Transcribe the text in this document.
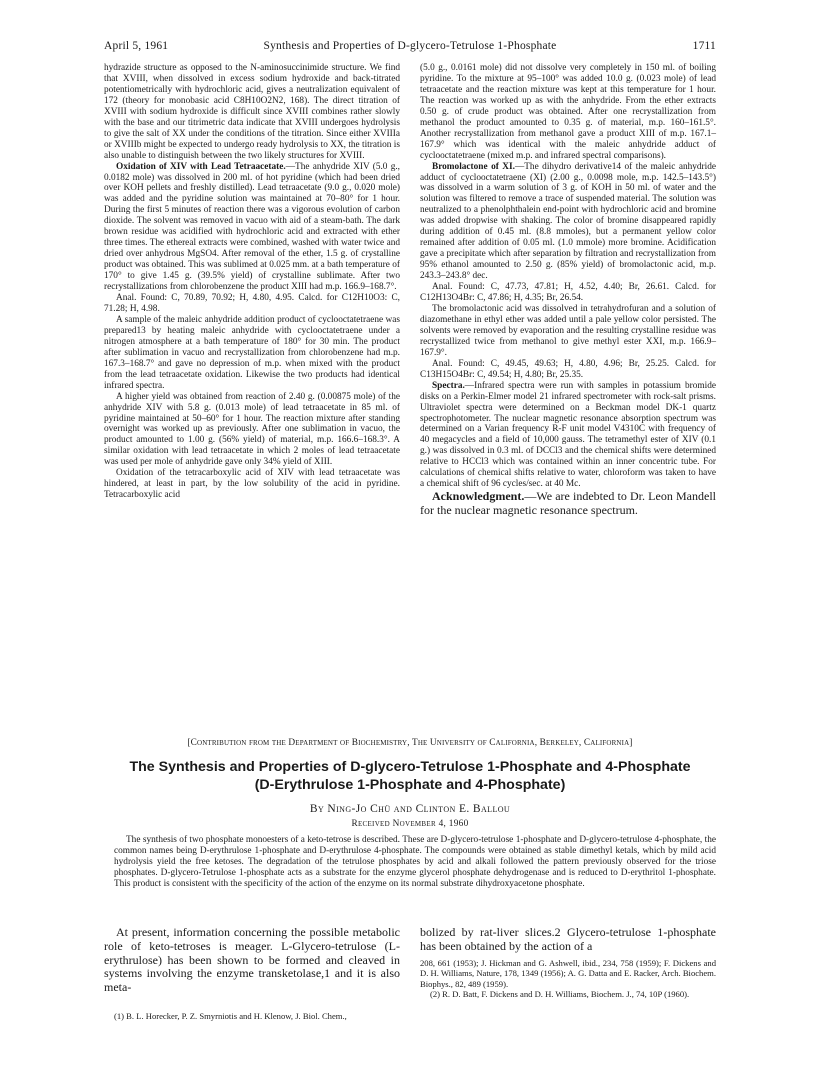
April 5, 1961	Synthesis and Properties of D-glycero-Tetrulose 1-Phosphate	1711

hydrazide structure as opposed to the N-aminosuccinimide structure. We find that XVIII, when dissolved in excess sodium hydroxide and back-titrated potentiometrically with hydrochloric acid, gives a neutralization equivalent of 172 (theory for monobasic acid C8H10O2N2, 168). The direct titration of XVIII with sodium hydroxide is difficult since XVIII combines rather slowly with the base and our titrimetric data indicate that XVIII undergoes hydrolysis to give the salt of XX under the conditions of the titration. Since either XVIIIa or XVIIIb might be expected to undergo ready hydrolysis to XX, the titration is also unable to distinguish between the two likely structures for XVIII.

Oxidation of XIV with Lead Tetraacetate.—The anhydride XIV (5.0 g., 0.0182 mole) was dissolved in 200 ml. of hot pyridine (which had been dried over KOH pellets and freshly distilled). Lead tetraacetate (9.0 g., 0.020 mole) was added and the pyridine solution was maintained at 70–80° for 1 hour. During the first 5 minutes of reaction there was a vigorous evolution of carbon dioxide. The solvent was removed in vacuo with aid of a steam-bath. The dark brown residue was acidified with hydrochloric acid and extracted with ether three times. The ethereal extracts were combined, washed with water twice and dried over anhydrous MgSO4. After removal of the ether, 1.5 g. of crystalline product was obtained. This was sublimed at 0.025 mm. at a bath temperature of 170° to give 1.45 g. (39.5% yield) of crystalline sublimate. After two recrystallizations from chlorobenzene the product XIII had m.p. 166.9–168.7°.

Anal. Found: C, 70.89, 70.92; H, 4.80, 4.95. Calcd. for C12H10O3: C, 71.28; H, 4.98.

A sample of the maleic anhydride addition product of cyclooctatetraene was prepared13 by heating maleic anhydride with cyclooctatetraene under a nitrogen atmosphere at a bath temperature of 180° for 30 min. The product after sublimation in vacuo and recrystallization from chlorobenzene had m.p. 167.3–168.7° and gave no depression of m.p. when mixed with the product from the lead tetraacetate oxidation. Likewise the two products had identical infrared spectra.

A higher yield was obtained from reaction of 2.40 g. (0.00875 mole) of the anhydride XIV with 5.8 g. (0.013 mole) of lead tetraacetate in 85 ml. of pyridine maintained at 50–60° for 1 hour. The reaction mixture after standing overnight was worked up as previously. After one sublimation in vacuo, the product amounted to 1.00 g. (56% yield) of material, m.p. 166.6–168.3°. A similar oxidation with lead tetraacetate in which 2 moles of lead tetraacetate was used per mole of anhydride gave only 34% yield of XIII.

Oxidation of the tetracarboxylic acid of XIV with lead tetraacetate was hindered, at least in part, by the low solubility of the acid in pyridine. Tetracarboxylic acid

(5.0 g., 0.0161 mole) did not dissolve very completely in 150 ml. of boiling pyridine. To the mixture at 95–100° was added 10.0 g. (0.023 mole) of lead tetraacetate and the reaction mixture was kept at this temperature for 1 hour. The reaction was worked up as with the anhydride. From the ether extracts 0.50 g. of crude product was obtained. After one recrystallization from methanol the product amounted to 0.35 g. of material, m.p. 160–161.5°. Another recrystallization from methanol gave a product XIII of m.p. 167.1–167.9° which was identical with the maleic anhydride adduct of cyclooctatetraene (mixed m.p. and infrared spectral comparisons).

Bromolactone of XI.—The dihydro derivative14 of the maleic anhydride adduct of cyclooctatetraene (XI) (2.00 g., 0.0098 mole, m.p. 142.5–143.5°) was dissolved in a warm solution of 3 g. of KOH in 50 ml. of water and the solution was filtered to remove a trace of suspended material. The solution was neutralized to a phenolphthalein end-point with hydrochloric acid and bromine was added dropwise with shaking. The color of bromine disappeared rapidly during addition of 0.45 ml. (8.8 mmoles), but a permanent yellow color remained after addition of 0.05 ml. (1.0 mmole) more bromine. Acidification gave a precipitate which after separation by filtration and recrystallization from 95% ethanol amounted to 2.50 g. (85% yield) of bromolactonic acid, m.p. 243.3–243.8° dec.

Anal. Found: C, 47.73, 47.81; H, 4.52, 4.40; Br, 26.61. Calcd. for C12H13O4Br: C, 47.86; H, 4.35; Br, 26.54.

The bromolactonic acid was dissolved in tetrahydrofuran and a solution of diazomethane in ethyl ether was added until a pale yellow color persisted. The solvents were removed by evaporation and the resulting crystalline residue was recrystallized twice from methanol to give methyl ester XXI, m.p. 166.9–167.9°.

Anal. Found: C, 49.45, 49.63; H, 4.80, 4.96; Br, 25.25. Calcd. for C13H15O4Br: C, 49.54; H, 4.80; Br, 25.35.

Spectra.—Infrared spectra were run with samples in potassium bromide disks on a Perkin-Elmer model 21 infrared spectrometer with rock-salt prisms. Ultraviolet spectra were determined on a Beckman model DK-1 quartz spectrophotometer. The nuclear magnetic resonance absorption spectrum was determined on a Varian frequency R-F unit model V4310C with frequency of 40 megacycles and a field of 10,000 gauss. The tetramethyl ester of XIV (0.1 g.) was dissolved in 0.3 ml. of DCCl3 and the chemical shifts were determined relative to HCCl3 which was contained within an inner concentric tube. For calculations of chemical shifts relative to water, chloroform was taken to have a chemical shift of 96 cycles/sec. at 40 Mc.

Acknowledgment.—We are indebted to Dr. Leon Mandell for the nuclear magnetic resonance spectrum.

[Contribution from the Department of Biochemistry, The University of California, Berkeley, California]
The Synthesis and Properties of D-glycero-Tetrulose 1-Phosphate and 4-Phosphate
(D-Erythrulose 1-Phosphate and 4-Phosphate)
By Ning-Jo Chü and Clinton E. Ballou
Received November 4, 1960
The synthesis of two phosphate monoesters of a keto-tetrose is described. These are D-glycero-tetrulose 1-phosphate and D-glycero-tetrulose 4-phosphate, the common names being D-erythrulose 1-phosphate and D-erythrulose 4-phosphate. The compounds were obtained as stable dimethyl ketals, which by mild acid hydrolysis yield the free ketoses. The degradation of the tetrulose phosphates by acid and alkali followed the pattern previously observed for the triose phosphates. D-glycero-Tetrulose 1-phosphate acts as a substrate for the enzyme glycerol phosphate dehydrogenase and is reduced to D-erythritol 1-phosphate. This product is consistent with the specificity of the action of the enzyme on its normal substrate dihydroxyacetone phosphate.
At present, information concerning the possible metabolic role of keto-tetroses is meager. L-Glycero-tetrulose (L-erythrulose) has been shown to be formed and cleaved in systems involving the enzyme transketolase,1 and it is also meta-
bolized by rat-liver slices.2 Glycero-tetrulose 1-phosphate has been obtained by the action of a
(1) B. L. Horecker, P. Z. Smyrniotis and H. Klenow, J. Biol. Chem.,

208, 661 (1953); J. Hickman and G. Ashwell, ibid., 234, 758 (1959); F. Dickens and D. H. Williams, Nature, 178, 1349 (1956); A. G. Datta and E. Racker, Arch. Biochem. Biophys., 82, 489 (1959).

(2) R. D. Batt, F. Dickens and D. H. Williams, Biochem. J., 74, 10P (1960).
